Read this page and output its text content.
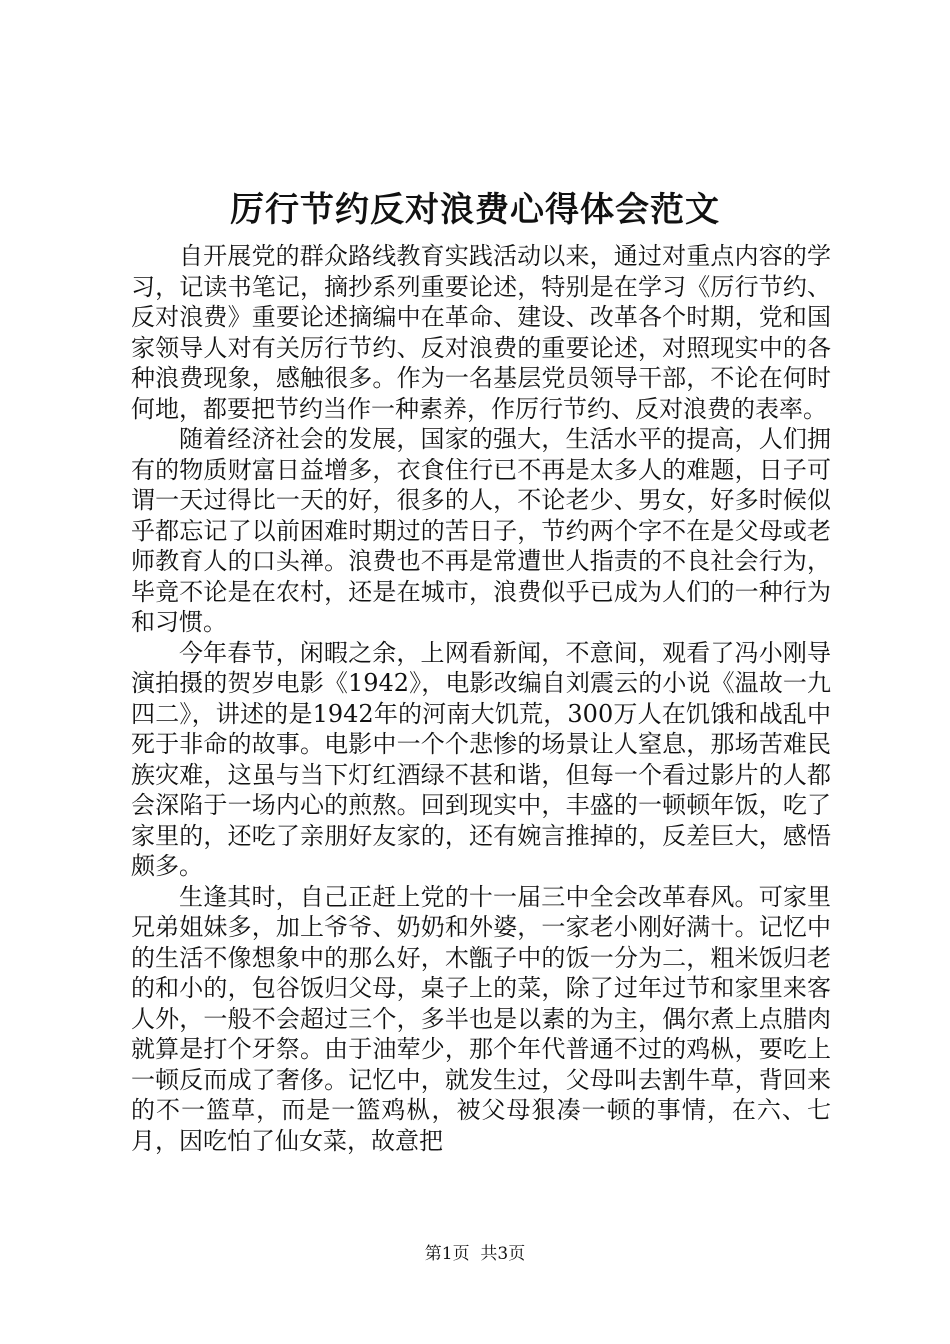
厉行节约反对浪费心得体会范文

自开展党的群众路线教育实践活动以来，通过对重点内容的学习，记读书笔记，摘抄系列重要论述，特别是在学习《厉行节约、反对浪费》重要论述摘编中在革命、建设、改革各个时期，党和国家领导人对有关厉行节约、反对浪费的重要论述，对照现实中的各种浪费现象，感触很多。作为一名基层党员领导干部，不论在何时何地，都要把节约当作一种素养，作厉行节约、反对浪费的表率。

随着经济社会的发展，国家的强大，生活水平的提高，人们拥有的物质财富日益增多，衣食住行已不再是太多人的难题，日子可谓一天过得比一天的好，很多的人，不论老少、男女，好多时候似乎都忘记了以前困难时期过的苦日子，节约两个字不在是父母或老师教育人的口头禅。浪费也不再是常遭世人指责的不良社会行为，毕竟不论是在农村，还是在城市，浪费似乎已成为人们的一种行为和习惯。

今年春节，闲暇之余，上网看新闻，不意间，观看了冯小刚导演拍摄的贺岁电影《1942》，电影改编自刘震云的小说《温故一九四二》，讲述的是1942年的河南大饥荒，300万人在饥饿和战乱中死于非命的故事。电影中一个个悲惨的场景让人窒息，那场苦难民族灾难，这虽与当下灯红酒绿不甚和谐，但每一个看过影片的人都会深陷于一场内心的煎熬。回到现实中，丰盛的一顿顿年饭，吃了家里的，还吃了亲朋好友家的，还有婉言推掉的，反差巨大，感悟颇多。

生逢其时，自己正赶上党的十一届三中全会改革春风。可家里兄弟姐妹多，加上爷爷、奶奶和外婆，一家老小刚好满十。记忆中的生活不像想象中的那么好，木甑子中的饭一分为二，粗米饭归老的和小的，包谷饭归父母，桌子上的菜，除了过年过节和家里来客人外，一般不会超过三个，多半也是以素的为主，偶尔煮上点腊肉就算是打个牙祭。由于油荤少，那个年代普通不过的鸡枞，要吃上一顿反而成了奢侈。记忆中，就发生过，父母叫去割牛草，背回来的不一篮草，而是一篮鸡枞，被父母狠凑一顿的事情，在六、七月，因吃怕了仙女菜，故意把

第1页 共3页
